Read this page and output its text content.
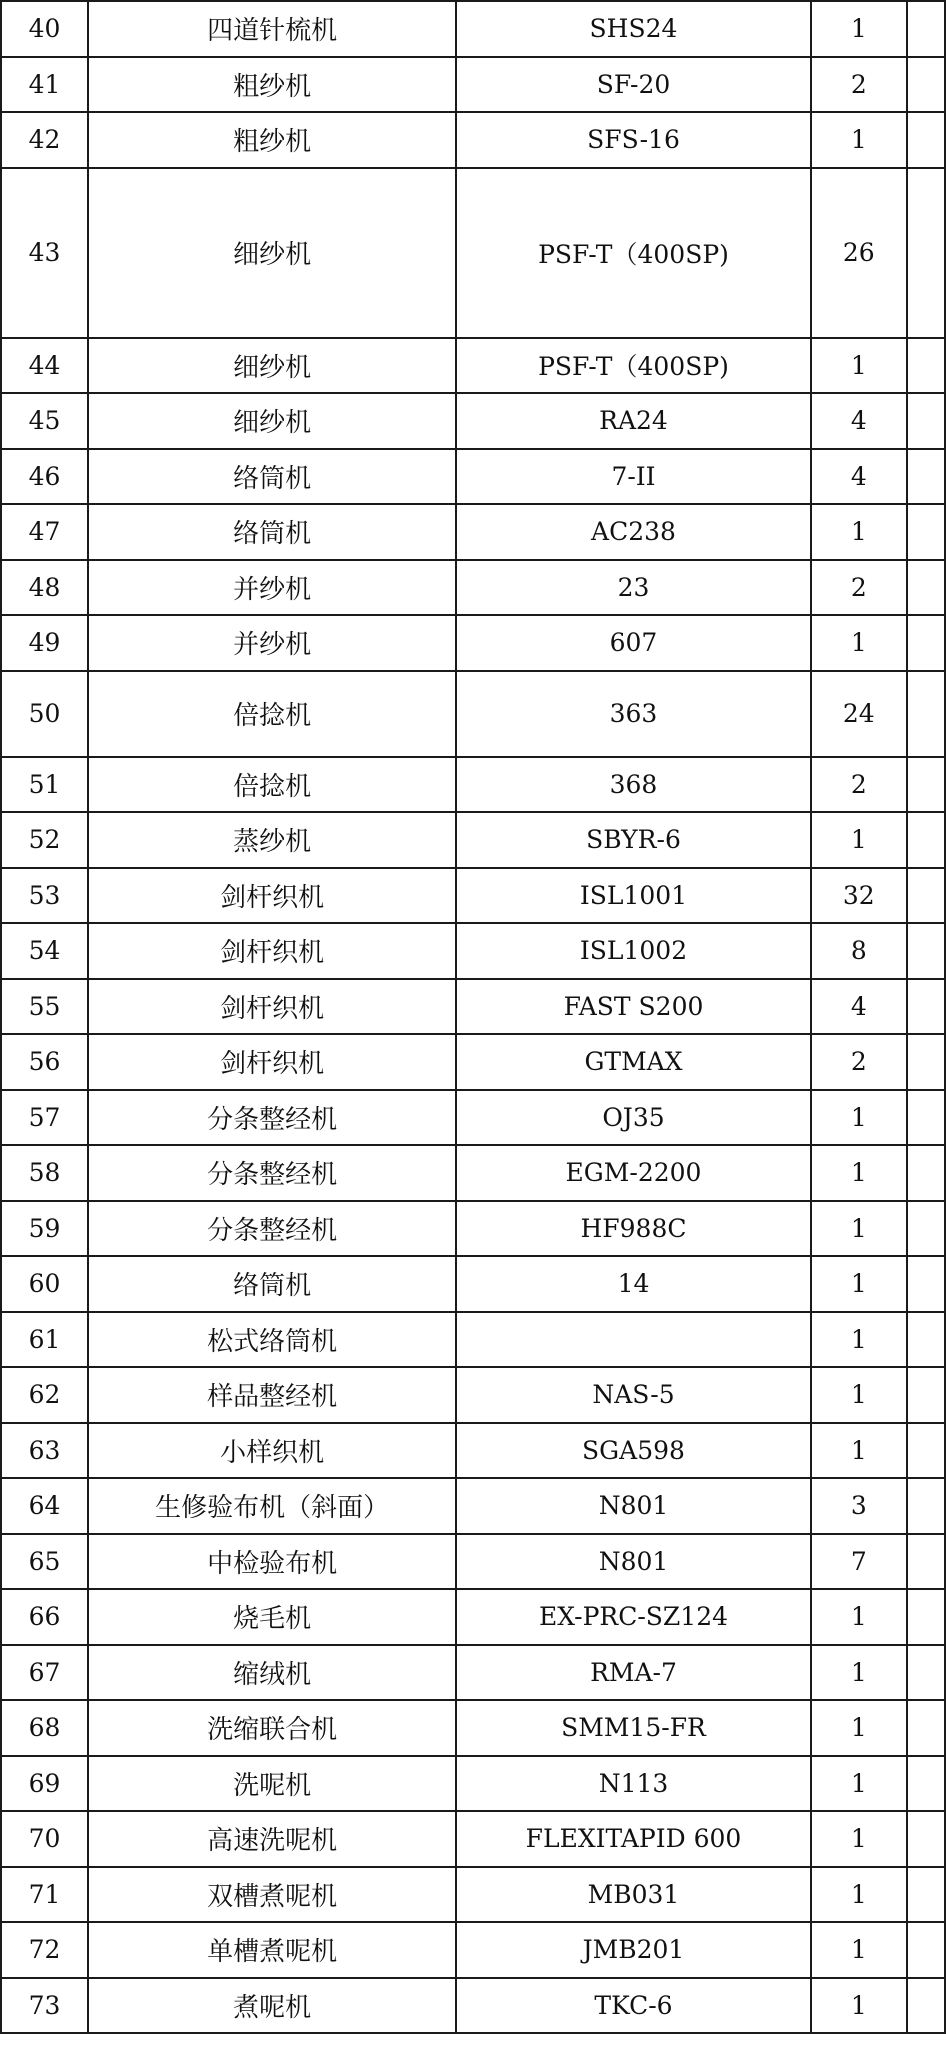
40	四道针梳机	SHS24	1	
41	粗纱机	SF-20	2	
42	粗纱机	SFS-16	1	
43	细纱机	PSF-T（400SP)	26	
44	细纱机	PSF-T（400SP)	1	
45	细纱机	RA24	4	
46	络筒机	7-II	4	
47	络筒机	AC238	1	
48	并纱机	23	2	
49	并纱机	607	1	
50	倍捻机	363	24	
51	倍捻机	368	2	
52	蒸纱机	SBYR-6	1	
53	剑杆织机	ISL1001	32	
54	剑杆织机	ISL1002	8	
55	剑杆织机	FAST S200	4	
56	剑杆织机	GTMAX	2	
57	分条整经机	OJ35	1	
58	分条整经机	EGM-2200	1	
59	分条整经机	HF988C	1	
60	络筒机	14	1	
61	松式络筒机		1	
62	样品整经机	NAS-5	1	
63	小样织机	SGA598	1	
64	生修验布机（斜面）	N801	3	
65	中检验布机	N801	7	
66	烧毛机	EX-PRC-SZ124	1	
67	缩绒机	RMA-7	1	
68	洗缩联合机	SMM15-FR	1	
69	洗呢机	N113	1	
70	高速洗呢机	FLEXITAPID 600	1	
71	双槽煮呢机	MB031	1	
72	单槽煮呢机	JMB201	1	
73	煮呢机	TKC-6	1	
